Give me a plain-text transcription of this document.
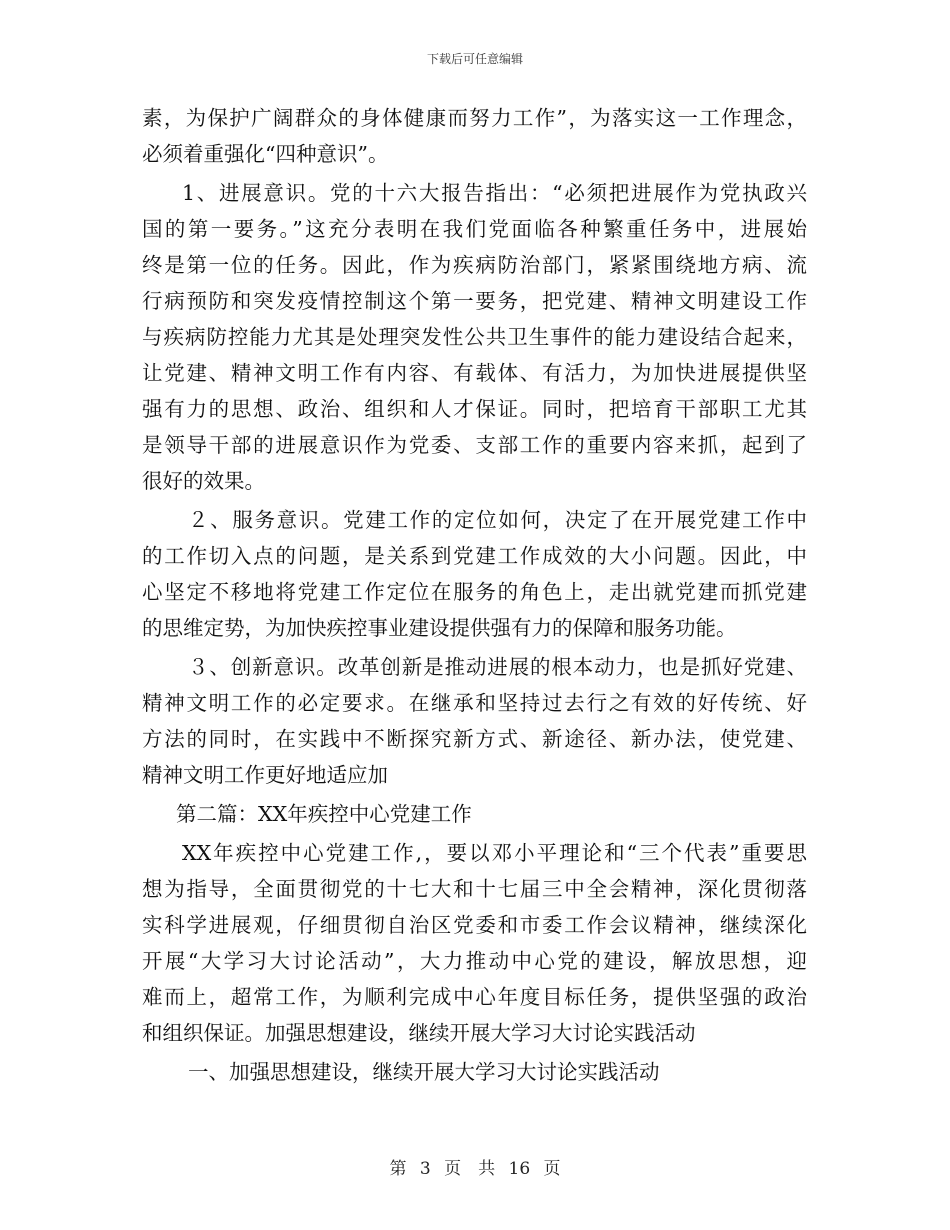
下载后可任意编辑
素，为保护广阔群众的身体健康而努力工作”，为落实这一工作理念，
必须着重强化“四种意识”。
1、进展意识。党的十六大报告指出：“必须把进展作为党执政兴
国的第一要务。”这充分表明在我们党面临各种繁重任务中，进展始
终是第一位的任务。因此，作为疾病防治部门，紧紧围绕地方病、流
行病预防和突发疫情控制这个第一要务，把党建、精神文明建设工作
与疾病防控能力尤其是处理突发性公共卫生事件的能力建设结合起来，
让党建、精神文明工作有内容、有载体、有活力，为加快进展提供坚
强有力的思想、政治、组织和人才保证。同时，把培育干部职工尤其
是领导干部的进展意识作为党委、支部工作的重要内容来抓，起到了
很好的效果。
２、服务意识。党建工作的定位如何，决定了在开展党建工作中
的工作切入点的问题，是关系到党建工作成效的大小问题。因此，中
心坚定不移地将党建工作定位在服务的角色上，走出就党建而抓党建
的思维定势，为加快疾控事业建设提供强有力的保障和服务功能。
３、创新意识。改革创新是推动进展的根本动力，也是抓好党建、
精神文明工作的必定要求。在继承和坚持过去行之有效的好传统、好
方法的同时，在实践中不断探究新方式、新途径、新办法，使党建、
精神文明工作更好地适应加
第二篇：XX年疾控中心党建工作
XX年疾控中心党建工作,，要以邓小平理论和“三个代表”重要思
想为指导，全面贯彻党的十七大和十七届三中全会精神，深化贯彻落
实科学进展观，仔细贯彻自治区党委和市委工作会议精神，继续深化
开展“大学习大讨论活动”，大力推动中心党的建设，解放思想，迎
难而上，超常工作，为顺利完成中心年度目标任务，提供坚强的政治
和组织保证。加强思想建设，继续开展大学习大讨论实践活动
一、加强思想建设，继续开展大学习大讨论实践活动
第 3 页　共 16 页
